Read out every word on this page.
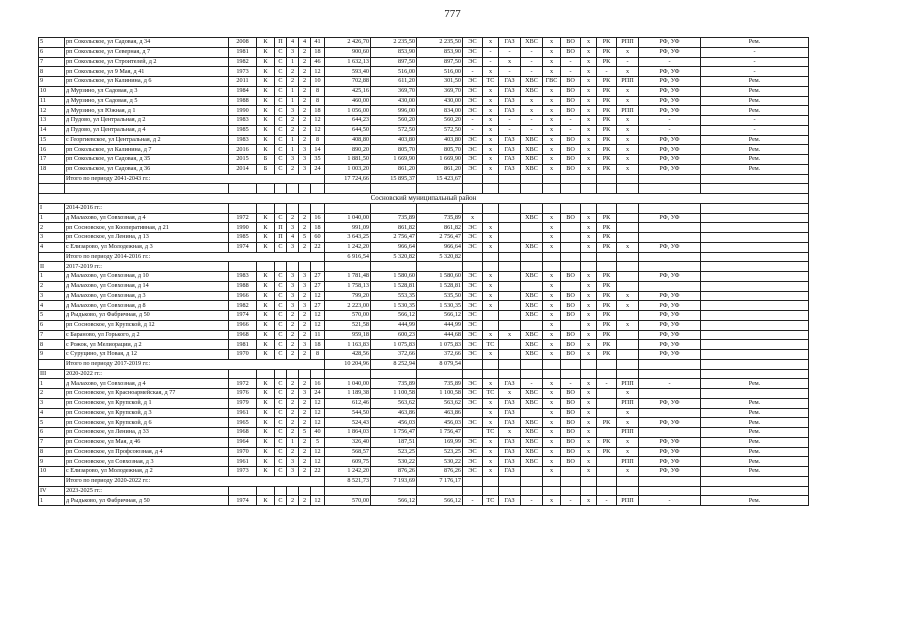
777
5	рп Сокольское, ул Садовая, д 34	2008	К	П	4	4	41	2 426,70	2 235,50	2 235,50	ЭС	х	ГАЗ	ХВС	х	ВО	х	РК	РПП	РФ, УФ	Рем.
6	рп Сокольское, ул Северная, д 7	1981	К	С	3	2	18	900,60	853,90	853,90	ЭС	-	-	-	х	ВО	х	РК	х	РФ, УФ	-
7	рп Сокольское, ул Строителей, д 2	1982	К	С	1	2	46	1 632,13	897,50	897,50	ЭС	-	х	-	х	-	х	РК	-	-	-
8	рп Сокольское, ул 9 Мая, д 41	1973	К	С	2	2	12	593,40	516,00	516,00	-	х	-	-	х	-	х	-	х	РФ, УФ	-
9	рп Сокольское, ул Калинина, д 6	2011	К	С	2	2	10	702,88	611,20	301,50	ЭС	ТС	ГАЗ	ХВС	ГВС	ВО	х	РК	РПП	РФ, УФ	Рем.
10	д Мурзино, ул Садовая, д 3	1984	К	С	1	2	8	425,16	369,70	369,70	ЭС	х	ГАЗ	ХВС	х	ВО	х	РК	х	РФ, УФ	Рем.
11	д Мурзино, ул Садовая, д 5	1988	К	С	1	2	8	460,00	430,00	430,00	ЭС	х	ГАЗ	х	х	ВО	х	РК	х	РФ, УФ	Рем.
12	д Мурзино, ул Южная, д 1	1990	К	С	3	2	18	1 056,00	996,00	834,00	ЭС	х	ГАЗ	х	х	ВО	х	РК	РПП	РФ, УФ	Рем.
13	д Пудово, ул Центральная, д 2	1983	К	С	2	2	12	644,23	560,20	560,20	-	х	-	-	х	-	х	РК	х	-	-
14	д Пудово, ул Центральная, д 4	1985	К	С	2	2	12	644,50	572,50	572,50	-	х	-	-	х	-	х	РК	х	-	-
15	с Георгиевское, ул Центральная, д 2	1983	К	С	1	2	8	408,80	403,80	403,80	ЭС	х	ГАЗ	ХВС	х	ВО	х	РК	х	РФ, УФ	Рем.
16	рп Сокольское, ул Калинина, д 7	2016	К	С	1	3	14	890,20	805,70	805,70	ЭС	х	ГАЗ	ХВС	х	ВО	х	РК	х	РФ, УФ	Рем.
17	рп Сокольское, ул Садовая, д 35	2015	Б	С	3	3	35	1 881,50	1 669,90	1 669,90	ЭС	х	ГАЗ	ХВС	х	ВО	х	РК	х	РФ, УФ	Рем.
18	рп Сокольское, ул Садовая, д 36	2014	Б	С	2	3	24	1 003,20	861,20	861,20	ЭС	х	ГАЗ	ХВС	х	ВО	х	РК	х	РФ, УФ	Рем.
	Итого по периоду 2041-2043 гг.:							17 724,66	15 895,37	15 423,67											

Сосновский муниципальный район																					
I	2014-2016 гг.:																				
1	д Малахово, ул Совхозная, д 4	1972	К	С	2	2	16	1 040,00	735,89	735,89	х			ХВС	х	ВО	х	РК		РФ, УФ	
2	рп Сосновское, ул Кооперативная, д 21	1990	К	П	3	2	18	991,09	861,82	861,82	ЭС	х			х		х	РК			
3	рп Сосновское, ул Ленина, д 13	1985	К	П	4	5	60	3 643,25	2 756,47	2 756,47	ЭС	х			х		х	РК			
4	с Елизарово, ул Молодежная, д 3	1974	К	С	3	2	22	1 242,20	966,64	966,64	ЭС	х		ХВС	х		х	РК	х	РФ, УФ	
	Итого по периоду 2014-2016 гг.:							6 916,54	5 320,82	5 320,82											
II	2017-2019 гг.:																				
1	д Малахово, ул Совхозная, д 10	1983	К	С	3	3	27	1 781,48	1 580,60	1 580,60	ЭС	х		ХВС	х	ВО	х	РК		РФ, УФ	
2	д Малахово, ул Совхозная, д 14	1988	К	С	3	3	27	1 758,13	1 528,81	1 528,81	ЭС	х			х		х	РК			
3	д Малахово, ул Совхозная, д 3	1966	К	С	3	2	12	799,20	553,35	535,50	ЭС	х		ХВС	х	ВО	х	РК	х	РФ, УФ	
4	д Малахово, ул Совхозная, д 8	1982	К	С	3	3	27	2 223,00	1 530,35	1 530,35	ЭС	х		ХВС	х	ВО	х	РК	х	РФ, УФ	
5	д Рыдьково, ул Фабричная, д 50	1974	К	С	2	2	12	570,00	566,12	566,12	ЭС			ХВС	х	ВО	х	РК		РФ, УФ	
6	рп Сосновское, ул Крупской, д 12	1966	К	С	2	2	12	521,58	444,99	444,99	ЭС				х		х	РК	х	РФ, УФ	
7	с Бараново, ул Горького, д 2	1968	К	С	2	2	11	959,18	600,23	444,68	ЭС	х	х	ХВС	х	ВО	х	РК		РФ, УФ	
8	с Рожок, ул Мелиорации, д 2	1981	К	С	2	3	18	1 163,83	1 075,83	1 075,83	ЭС	ТС		ХВС	х	ВО	х	РК		РФ, УФ	
9	с Суруцино, ул Новая, д 12	1970	К	С	2	2	8	428,56	372,66	372,66	ЭС	х		ХВС	х	ВО	х	РК		РФ, УФ	
	Итого по периоду 2017-2019 гг.:							10 204,96	8 252,94	8 079,54											
III	2020-2022 гг.:																				
1	д Малахово, ул Совхозная, д 4	1972	К	С	2	2	16	1 040,00	735,89	735,89	ЭС	х	ГАЗ	-	х	-	х	-	РПП	-	Рем.
2	рп Сосновское, ул Красноармейская, д 77	1976	К	С	2	3	24	1 189,38	1 100,58	1 100,58	ЭС	ТС	х	ХВС	х	ВО	х		х		
3	рп Сосновское, ул Крупской, д 1	1979	К	С	2	2	12	612,46	563,62	563,62	ЭС	х	ГАЗ	ХВС	х	ВО	х		РПП	РФ, УФ	Рем.
4	рп Сосновское, ул Крупской, д 3	1961	К	С	2	2	12	544,50	463,86	463,86		х	ГАЗ		х	ВО	х		х		Рем.
5	рп Сосновское, ул Крупской, д 6	1965	К	С	2	2	12	524,43	456,03	456,03	ЭС	х	ГАЗ	ХВС	х	ВО	х	РК	х	РФ, УФ	Рем.
6	рп Сосновское, ул Ленина, д 33	1968	К	С	2	5	40	1 864,03	1 756,47	1 756,47		ТС	х	ХВС	х	ВО	х		РПП		Рем.
7	рп Сосновское, ул Мая, д 46	1964	К	С	1	2	5	326,40	187,51	169,99	ЭС	х	ГАЗ	ХВС	х	ВО	х	РК	х	РФ, УФ	Рем.
8	рп Сосновское, ул Профсоюзная, д 4	1970	К	С	2	2	12	568,57	523,25	523,25	ЭС	х	ГАЗ	ХВС	х	ВО	х	РК	х	РФ, УФ	Рем.
9	рп Сосновское, ул Совхозная, д 3	1961	К	С	3	2	12	609,75	530,22	530,22	ЭС	х	ГАЗ	ХВС	х	ВО	х		РПП	РФ, УФ	Рем.
10	с Елизарово, ул Молодежная, д 2	1973	К	С	3	2	22	1 242,20	876,26	876,26	ЭС	х	ГАЗ		х		х		х	РФ, УФ	Рем.
	Итого по периоду 2020-2022 гг.:							8 521,73	7 193,69	7 176,17											
IV	2023-2025 гг.:																				
1	д Рыдьково, ул Фабричная, д 50	1974	К	С	2	2	12	570,00	566,12	566,12	-	ТС	ГАЗ	-	х	-	х	-	РПП	-	Рем.
